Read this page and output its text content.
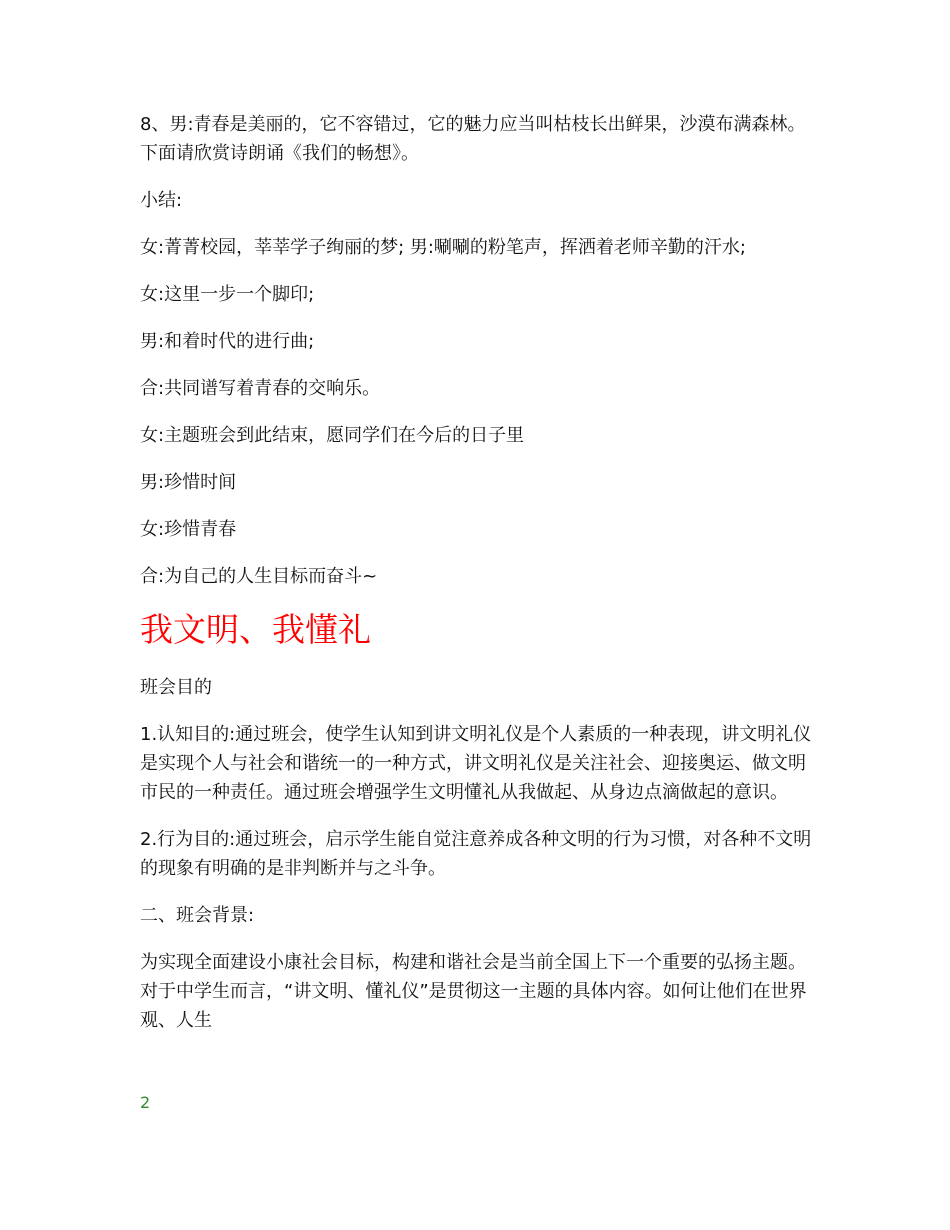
8、男:青春是美丽的，它不容错过，它的魅力应当叫枯枝长出鲜果，沙漠布满森林。下面请欣赏诗朗诵《我们的畅想》。

小结:

女:菁菁校园，莘莘学子绚丽的梦; 男:唰唰的粉笔声，挥洒着老师辛勤的汗水;

女:这里一步一个脚印;

男:和着时代的进行曲;

合:共同谱写着青春的交响乐。

女:主题班会到此结束，愿同学们在今后的日子里

男:珍惜时间

女:珍惜青春

合:为自己的人生目标而奋斗~

我文明、我懂礼

班会目的

1.认知目的:通过班会，使学生认知到讲文明礼仪是个人素质的一种表现，讲文明礼仪是实现个人与社会和谐统一的一种方式，讲文明礼仪是关注社会、迎接奥运、做文明市民的一种责任。通过班会增强学生文明懂礼从我做起、从身边点滴做起的意识。

2.行为目的:通过班会，启示学生能自觉注意养成各种文明的行为习惯，对各种不文明的现象有明确的是非判断并与之斗争。

二、班会背景:

为实现全面建设小康社会目标，构建和谐社会是当前全国上下一个重要的弘扬主题。对于中学生而言，“讲文明、懂礼仪”是贯彻这一主题的具体内容。如何让他们在世界观、人生

2
